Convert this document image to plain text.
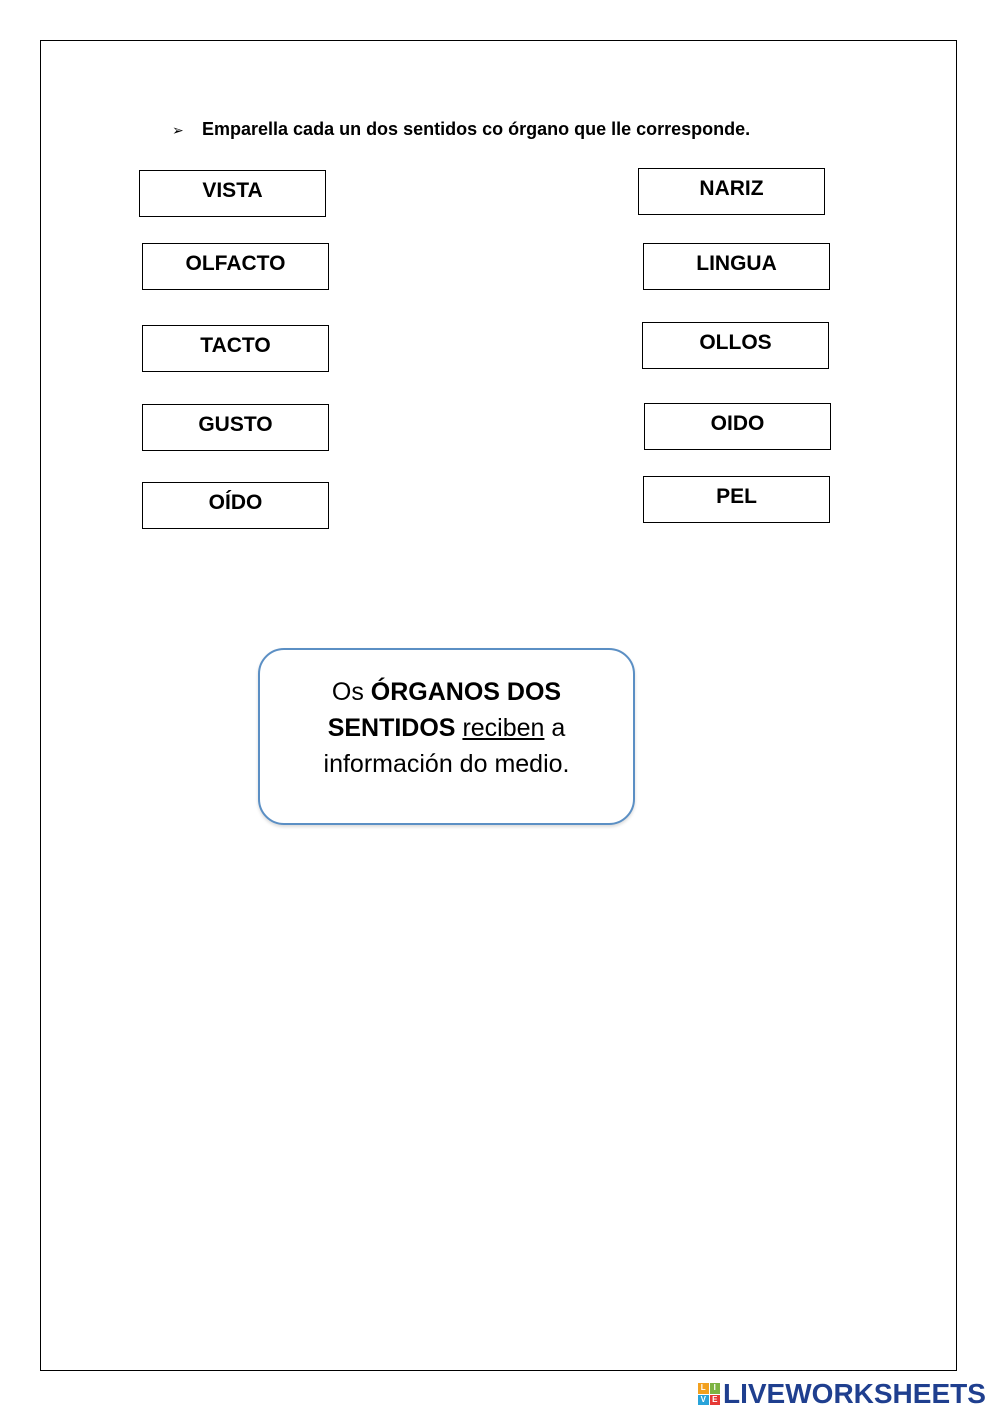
➢ Emparella cada un dos sentidos co órgano que lle corresponde.
VISTA
OLFACTO
TACTO
GUSTO
OÍDO
NARIZ
LINGUA
OLLOS
OIDO
PEL
Os ÓRGANOS DOS SENTIDOS reciben a información do medio.
L I
V E LIVEWORKSHEETS
